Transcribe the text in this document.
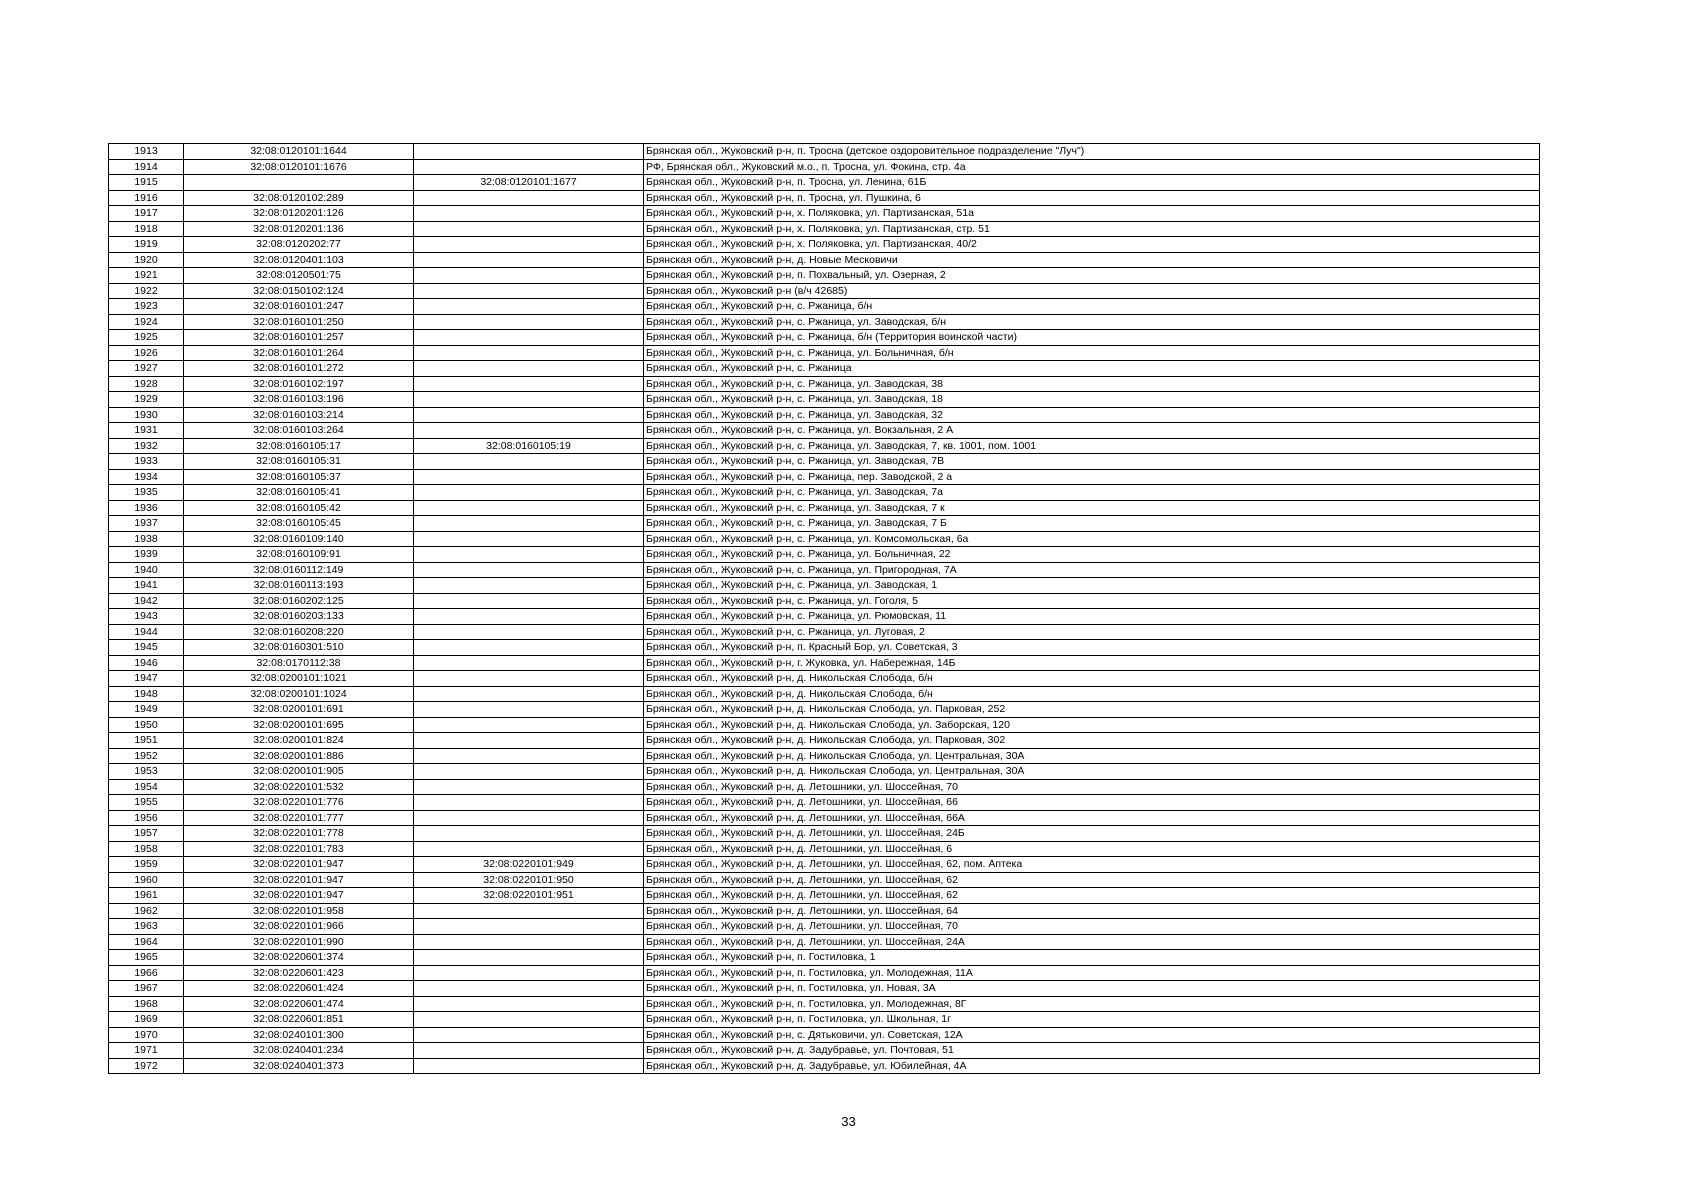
1913	32:08:0120101:1644		Брянская обл., Жуковский р-н, п. Тросна (детское оздоровительное подразделение "Луч")
1914	32:08:0120101:1676		РФ, Брянская обл., Жуковский м.о., п. Тросна, ул. Фокина, стр. 4а
1915		32:08:0120101:1677	Брянская обл., Жуковский р-н, п. Тросна, ул. Ленина, 61Б
1916	32:08:0120102:289		Брянская обл., Жуковский р-н, п. Тросна, ул. Пушкина, 6
1917	32:08:0120201:126		Брянская обл., Жуковский р-н, х. Поляковка, ул. Партизанская, 51а
1918	32:08:0120201:136		Брянская обл., Жуковский р-н, х. Поляковка, ул. Партизанская, стр. 51
1919	32:08:0120202:77		Брянская обл., Жуковский р-н, х. Поляковка, ул. Партизанская, 40/2
1920	32:08:0120401:103		Брянская обл., Жуковский р-н, д. Новые Месковичи
1921	32:08:0120501:75		Брянская обл., Жуковский р-н, п. Похвальный, ул. Озерная, 2
1922	32:08:0150102:124		Брянская обл., Жуковский р-н (в/ч 42685)
1923	32:08:0160101:247		Брянская обл., Жуковский р-н, с. Ржаница, б/н
1924	32:08:0160101:250		Брянская обл., Жуковский р-н, с. Ржаница, ул. Заводская, б/н
1925	32:08:0160101:257		Брянская обл., Жуковский р-н, с. Ржаница, б/н (Территория воинской части)
1926	32:08:0160101:264		Брянская обл., Жуковский р-н, с. Ржаница, ул. Больничная, б/н
1927	32:08:0160101:272		Брянская обл., Жуковский р-н, с. Ржаница
1928	32:08:0160102:197		Брянская обл., Жуковский р-н, с. Ржаница, ул. Заводская, 38
1929	32:08:0160103:196		Брянская обл., Жуковский р-н, с. Ржаница, ул. Заводская, 18
1930	32:08:0160103:214		Брянская обл., Жуковский р-н, с. Ржаница, ул. Заводская, 32
1931	32:08:0160103:264		Брянская обл., Жуковский р-н, с. Ржаница, ул. Вокзальная, 2 А
1932	32:08:0160105:17	32:08:0160105:19	Брянская обл., Жуковский р-н, с. Ржаница, ул. Заводская, 7, кв. 1001, пом. 1001
1933	32:08:0160105:31		Брянская обл., Жуковский р-н, с. Ржаница, ул. Заводская, 7В
1934	32:08:0160105:37		Брянская обл., Жуковский р-н, с. Ржаница, пер. Заводской, 2 а
1935	32:08:0160105:41		Брянская обл., Жуковский р-н, с. Ржаница, ул. Заводская, 7а
1936	32:08:0160105:42		Брянская обл., Жуковский р-н, с. Ржаница, ул. Заводская, 7 к
1937	32:08:0160105:45		Брянская обл., Жуковский р-н, с. Ржаница, ул. Заводская, 7 Б
1938	32:08:0160109:140		Брянская обл., Жуковский р-н, с. Ржаница, ул. Комсомольская, 6а
1939	32:08:0160109:91		Брянская обл., Жуковский р-н, с. Ржаница, ул. Больничная, 22
1940	32:08:0160112:149		Брянская обл., Жуковский р-н, с. Ржаница, ул. Пригородная, 7А
1941	32:08:0160113:193		Брянская обл., Жуковский р-н, с. Ржаница, ул. Заводская, 1
1942	32:08:0160202:125		Брянская обл., Жуковский р-н, с. Ржаница, ул. Гоголя, 5
1943	32:08:0160203:133		Брянская обл., Жуковский р-н, с. Ржаница, ул. Рюмовская, 11
1944	32:08:0160208:220		Брянская обл., Жуковский р-н, с. Ржаница, ул. Луговая, 2
1945	32:08:0160301:510		Брянская обл., Жуковский р-н, п. Красный Бор, ул. Советская, 3
1946	32:08:0170112:38		Брянская обл., Жуковский р-н, г. Жуковка, ул. Набережная, 14Б
1947	32:08:0200101:1021		Брянская обл., Жуковский р-н, д. Никольская Слобода, б/н
1948	32:08:0200101:1024		Брянская обл., Жуковский р-н, д. Никольская Слобода, б/н
1949	32:08:0200101:691		Брянская обл., Жуковский р-н, д. Никольская Слобода, ул. Парковая, 252
1950	32:08:0200101:695		Брянская обл., Жуковский р-н, д. Никольская Слобода, ул. Заборская, 120
1951	32:08:0200101:824		Брянская обл., Жуковский р-н, д. Никольская Слобода, ул. Парковая, 302
1952	32:08:0200101:886		Брянская обл., Жуковский р-н, д. Никольская Слобода, ул. Центральная, 30А
1953	32:08:0200101:905		Брянская обл., Жуковский р-н, д. Никольская Слобода, ул. Центральная, 30А
1954	32:08:0220101:532		Брянская обл., Жуковский р-н, д. Летошники, ул. Шоссейная, 70
1955	32:08:0220101:776		Брянская обл., Жуковский р-н, д. Летошники, ул. Шоссейная, 66
1956	32:08:0220101:777		Брянская обл., Жуковский р-н, д. Летошники, ул. Шоссейная, 66А
1957	32:08:0220101:778		Брянская обл., Жуковский р-н, д. Летошники, ул. Шоссейная, 24Б
1958	32:08:0220101:783		Брянская обл., Жуковский р-н, д. Летошники, ул. Шоссейная, 6
1959	32:08:0220101:947	32:08:0220101:949	Брянская обл., Жуковский р-н, д. Летошники, ул. Шоссейная, 62, пом. Аптека
1960	32:08:0220101:947	32:08:0220101:950	Брянская обл., Жуковский р-н, д. Летошники, ул. Шоссейная, 62
1961	32:08:0220101:947	32:08:0220101:951	Брянская обл., Жуковский р-н, д. Летошники, ул. Шоссейная, 62
1962	32:08:0220101:958		Брянская обл., Жуковский р-н, д. Летошники, ул. Шоссейная, 64
1963	32:08:0220101:966		Брянская обл., Жуковский р-н, д. Летошники, ул. Шоссейная, 70
1964	32:08:0220101:990		Брянская обл., Жуковский р-н, д. Летошники, ул. Шоссейная, 24А
1965	32:08:0220601:374		Брянская обл., Жуковский р-н, п. Гостиловка, 1
1966	32:08:0220601:423		Брянская обл., Жуковский р-н, п. Гостиловка, ул. Молодежная, 11А
1967	32:08:0220601:424		Брянская обл., Жуковский р-н, п. Гостиловка, ул. Новая, 3А
1968	32:08:0220601:474		Брянская обл., Жуковский р-н, п. Гостиловка, ул. Молодежная, 8Г
1969	32:08:0220601:851		Брянская обл., Жуковский р-н, п. Гостиловка, ул. Школьная, 1г
1970	32:08:0240101:300		Брянская обл., Жуковский р-н, с. Дятьковичи, ул. Советская, 12А
1971	32:08:0240401:234		Брянская обл., Жуковский р-н, д. Задубравье, ул. Почтовая, 51
1972	32:08:0240401:373		Брянская обл., Жуковский р-н, д. Задубравье, ул. Юбилейная, 4А
33
